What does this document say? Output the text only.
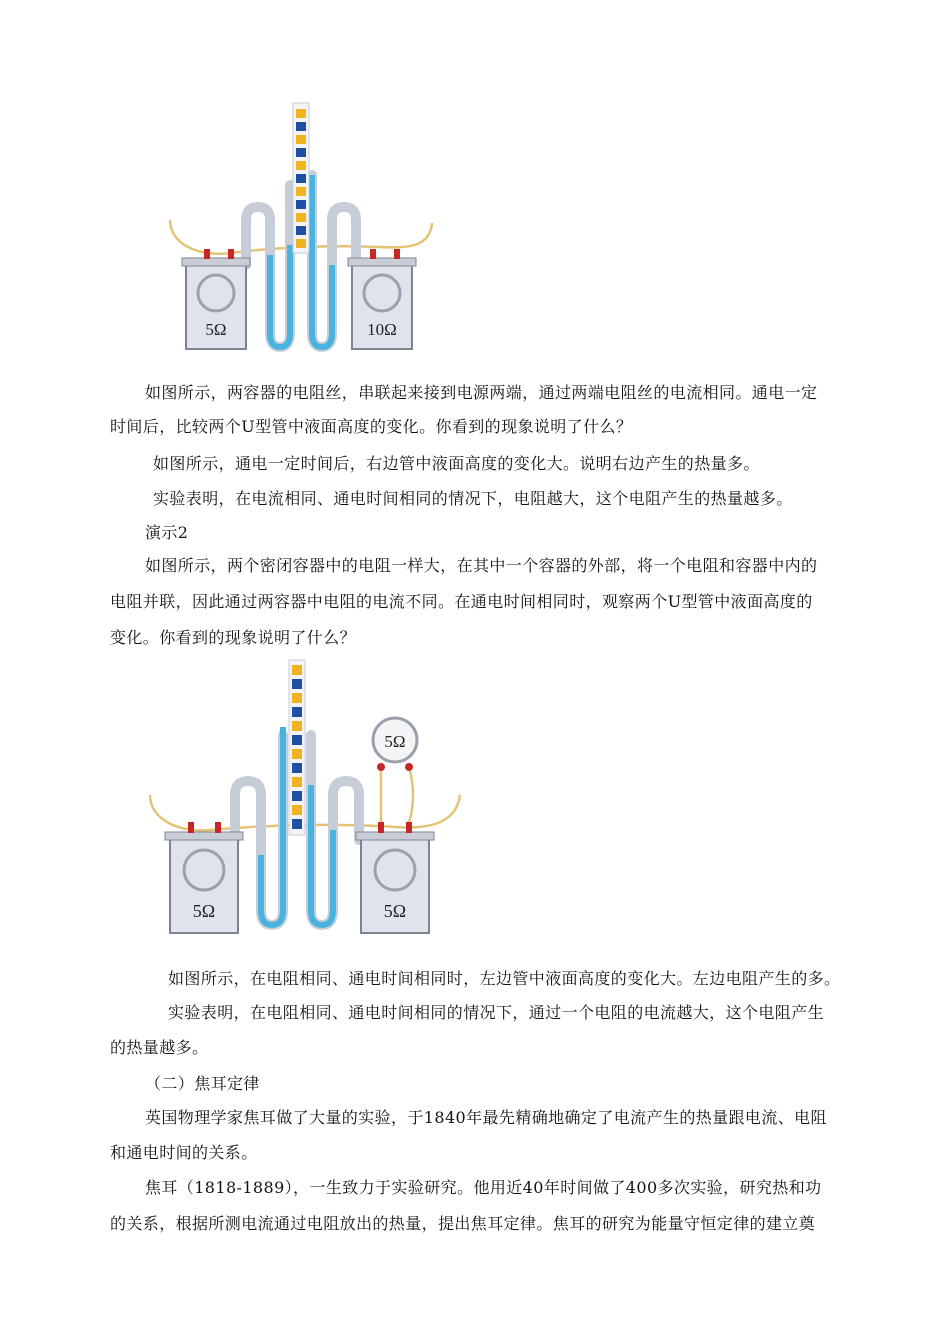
5Ω	10Ω
如图所示，两容器的电阻丝，串联起来接到电源两端，通过两端电阻丝的电流相同。通电一定
时间后，比较两个U型管中液面高度的变化。你看到的现象说明了什么？
如图所示，通电一定时间后，右边管中液面高度的变化大。说明右边产生的热量多。
实验表明，在电流相同、通电时间相同的情况下，电阻越大，这个电阻产生的热量越多。
演示2
如图所示，两个密闭容器中的电阻一样大，在其中一个容器的外部，将一个电阻和容器中内的
电阻并联，因此通过两容器中电阻的电流不同。在通电时间相同时，观察两个U型管中液面高度的
变化。你看到的现象说明了什么？
5Ω
5Ω	5Ω
如图所示，在电阻相同、通电时间相同时，左边管中液面高度的变化大。左边电阻产生的多。
实验表明，在电阻相同、通电时间相同的情况下，通过一个电阻的电流越大，这个电阻产生
的热量越多。
（二）焦耳定律
英国物理学家焦耳做了大量的实验，于1840年最先精确地确定了电流产生的热量跟电流、电阻
和通电时间的关系。
焦耳（1818-1889），一生致力于实验研究。他用近40年时间做了400多次实验，研究热和功
的关系，根据所测电流通过电阻放出的热量，提出焦耳定律。焦耳的研究为能量守恒定律的建立奠
